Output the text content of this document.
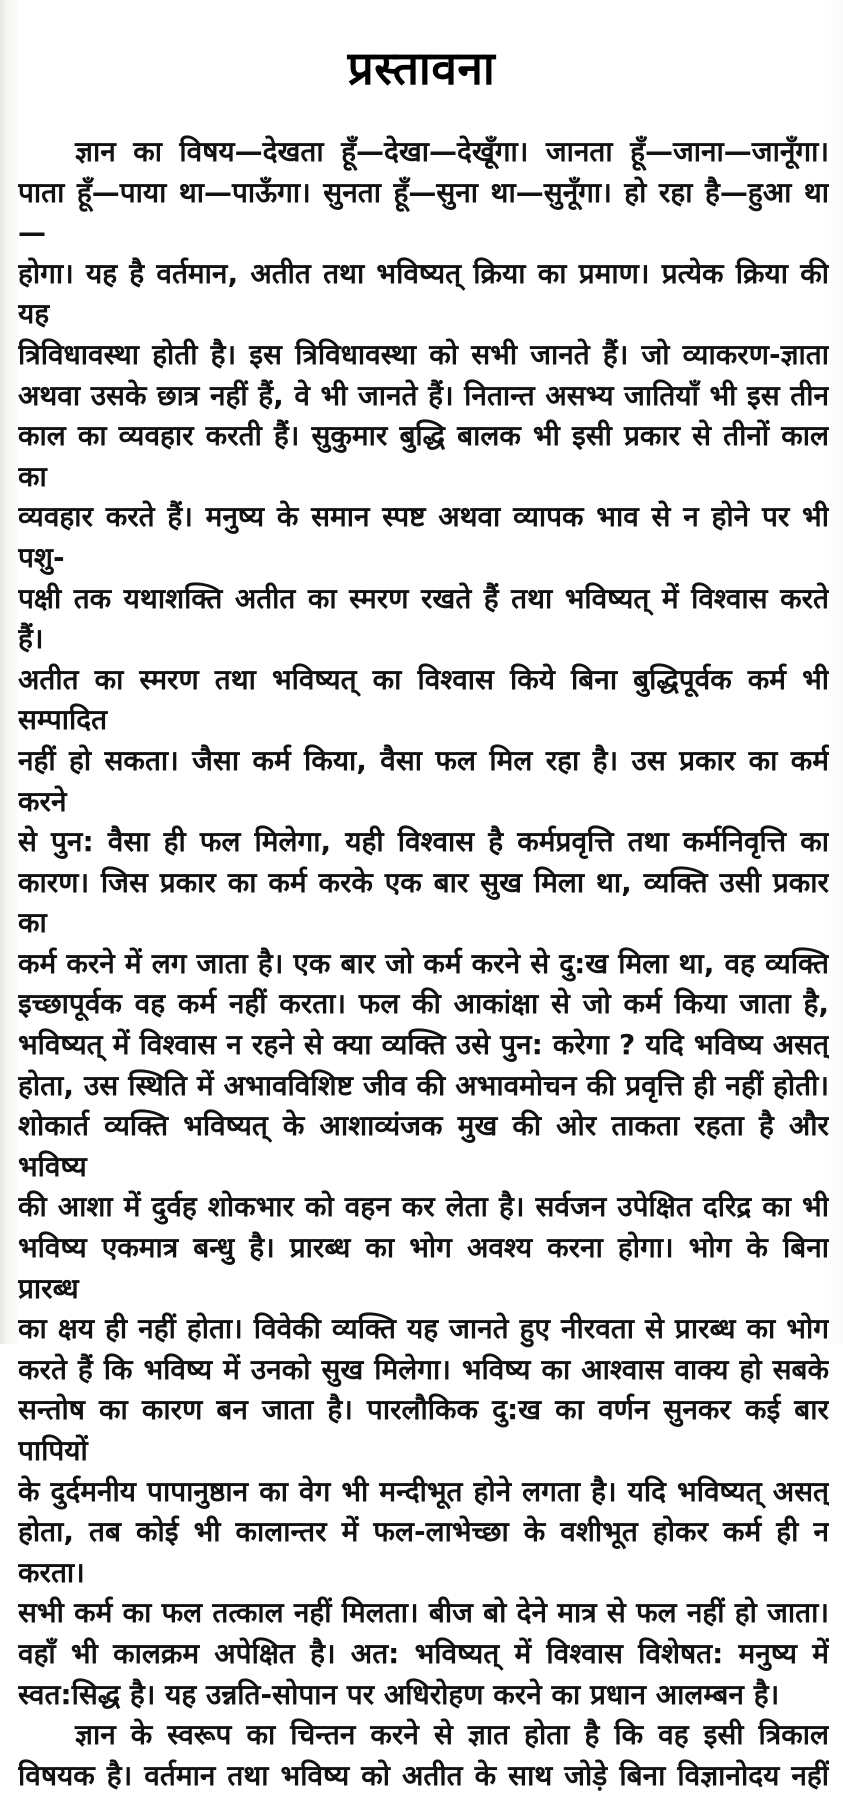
प्रस्तावना
ज्ञान का विषय—देखता हूँ—देखा—देखूँगा। जानता हूँ—जाना—जानूँगा।
पाता हूँ—पाया था—पाऊँगा। सुनता हूँ—सुना था—सुनूँगा। हो रहा है—हुआ था—
होगा। यह है वर्तमान, अतीत तथा भविष्यत् क्रिया का प्रमाण। प्रत्येक क्रिया की यह
त्रिविधावस्था होती है। इस त्रिविधावस्था को सभी जानते हैं। जो व्याकरण-ज्ञाता
अथवा उसके छात्र नहीं हैं, वे भी जानते हैं। नितान्त असभ्य जातियाँ भी इस तीन
काल का व्यवहार करती हैं। सुकुमार बुद्धि बालक भी इसी प्रकार से तीनों काल का
व्यवहार करते हैं। मनुष्य के समान स्पष्ट अथवा व्यापक भाव से न होने पर भी पशु-
पक्षी तक यथाशक्ति अतीत का स्मरण रखते हैं तथा भविष्यत् में विश्वास करते हैं।
अतीत का स्मरण तथा भविष्यत् का विश्वास किये बिना बुद्धिपूर्वक कर्म भी सम्पादित
नहीं हो सकता। जैसा कर्म किया, वैसा फल मिल रहा है। उस प्रकार का कर्म करने
से पुन: वैसा ही फल मिलेगा, यही विश्वास है कर्मप्रवृत्ति तथा कर्मनिवृत्ति का
कारण। जिस प्रकार का कर्म करके एक बार सुख मिला था, व्यक्ति उसी प्रकार का
कर्म करने में लग जाता है। एक बार जो कर्म करने से दु:ख मिला था, वह व्यक्ति
इच्छापूर्वक वह कर्म नहीं करता। फल की आकांक्षा से जो कर्म किया जाता है,
भविष्यत् में विश्वास न रहने से क्या व्यक्ति उसे पुन: करेगा ? यदि भविष्य असत्
होता, उस स्थिति में अभावविशिष्ट जीव की अभावमोचन की प्रवृत्ति ही नहीं होती।
शोकार्त व्यक्ति भविष्यत् के आशाव्यंजक मुख की ओर ताकता रहता है और भविष्य
की आशा में दुर्वह शोकभार को वहन कर लेता है। सर्वजन उपेक्षित दरिद्र का भी
भविष्य एकमात्र बन्धु है। प्रारब्ध का भोग अवश्य करना होगा। भोग के बिना प्रारब्ध
का क्षय ही नहीं होता। विवेकी व्यक्ति यह जानते हुए नीरवता से प्रारब्ध का भोग
करते हैं कि भविष्य में उनको सुख मिलेगा। भविष्य का आश्वास वाक्य हो सबके
सन्तोष का कारण बन जाता है। पारलौकिक दु:ख का वर्णन सुनकर कई बार पापियों
के दुर्दमनीय पापानुष्ठान का वेग भी मन्दीभूत होने लगता है। यदि भविष्यत् असत्
होता, तब कोई भी कालान्तर में फल-लाभेच्छा के वशीभूत होकर कर्म ही न करता।
सभी कर्म का फल तत्काल नहीं मिलता। बीज बो देने मात्र से फल नहीं हो जाता।
वहाँ भी कालक्रम अपेक्षित है। अत: भविष्यत् में विश्वास विशेषत: मनुष्य में
स्वत:सिद्ध है। यह उन्नति-सोपान पर अधिरोहण करने का प्रधान आलम्बन है।
ज्ञान के स्वरूप का चिन्तन करने से ज्ञात होता है कि वह इसी त्रिकाल
विषयक है। वर्तमान तथा भविष्य को अतीत के साथ जोड़े बिना विज्ञानोदय नहीं
